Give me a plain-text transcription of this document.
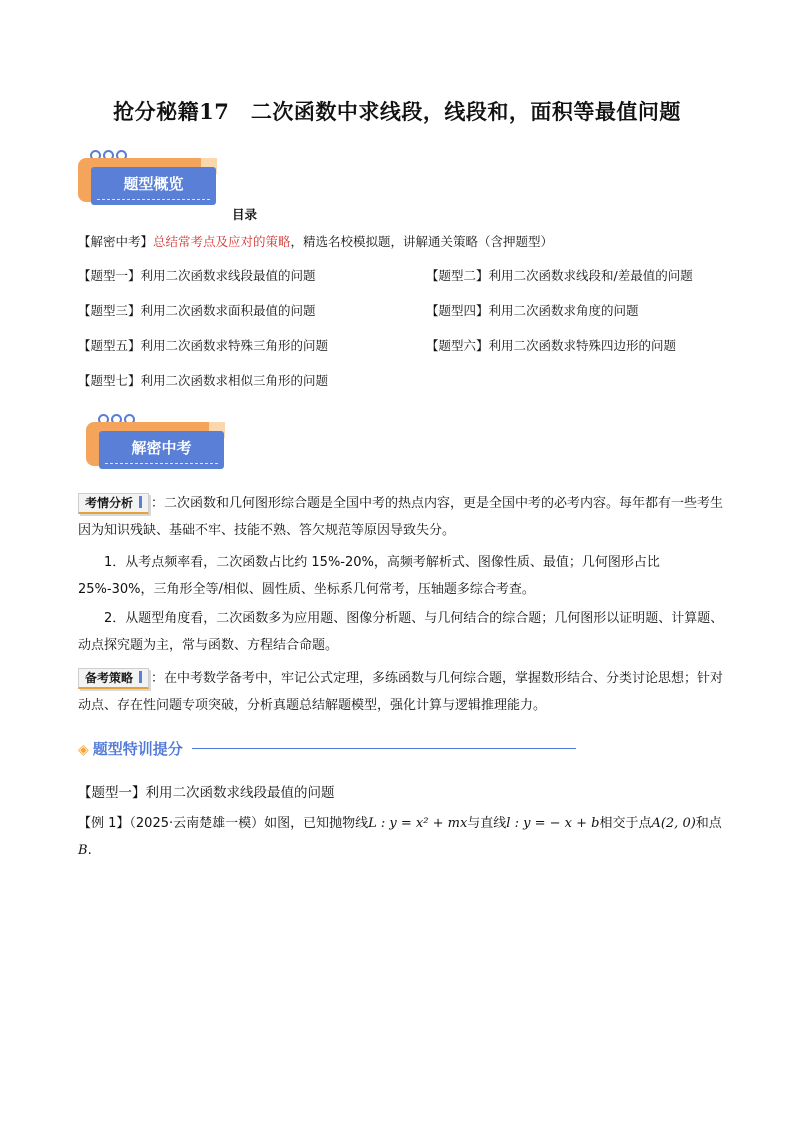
抢分秘籍17　二次函数中求线段，线段和，面积等最值问题
题型概览
目录
【解密中考】总结常考点及应对的策略，精选名校模拟题，讲解通关策略（含押题型）
【题型一】利用二次函数求线段最值的问题	【题型二】利用二次函数求线段和/差最值的问题
【题型三】利用二次函数求面积最值的问题	【题型四】利用二次函数求角度的问题
【题型五】利用二次函数求特殊三角形的问题	【题型六】利用二次函数求特殊四边形的问题
【题型七】利用二次函数求相似三角形的问题
解密中考
考情分析 ：二次函数和几何图形综合题是全国中考的热点内容，更是全国中考的必考内容。每年都有一些考生因为知识残缺、基础不牢、技能不熟、答欠规范等原因导致失分。
1．从考点频率看，二次函数占比约 15%-20%，高频考解析式、图像性质、最值；几何图形占比 25%-30%，三角形全等/相似、圆性质、坐标系几何常考，压轴题多综合考查。
2．从题型角度看，二次函数多为应用题、图像分析题、与几何结合的综合题；几何图形以证明题、计算题、动点探究题为主，常与函数、方程结合命题。
备考策略 ：在中考数学备考中，牢记公式定理，多练函数与几何综合题，掌握数形结合、分类讨论思想；针对动点、存在性问题专项突破，分析真题总结解题模型，强化计算与逻辑推理能力。
◈ 题型特训提分
【题型一】利用二次函数求线段最值的问题
【例 1】（2025·云南楚雄一模）如图，已知抛物线L : y = x² + mx与直线l : y = − x + b相交于点A(2, 0)和点B.
